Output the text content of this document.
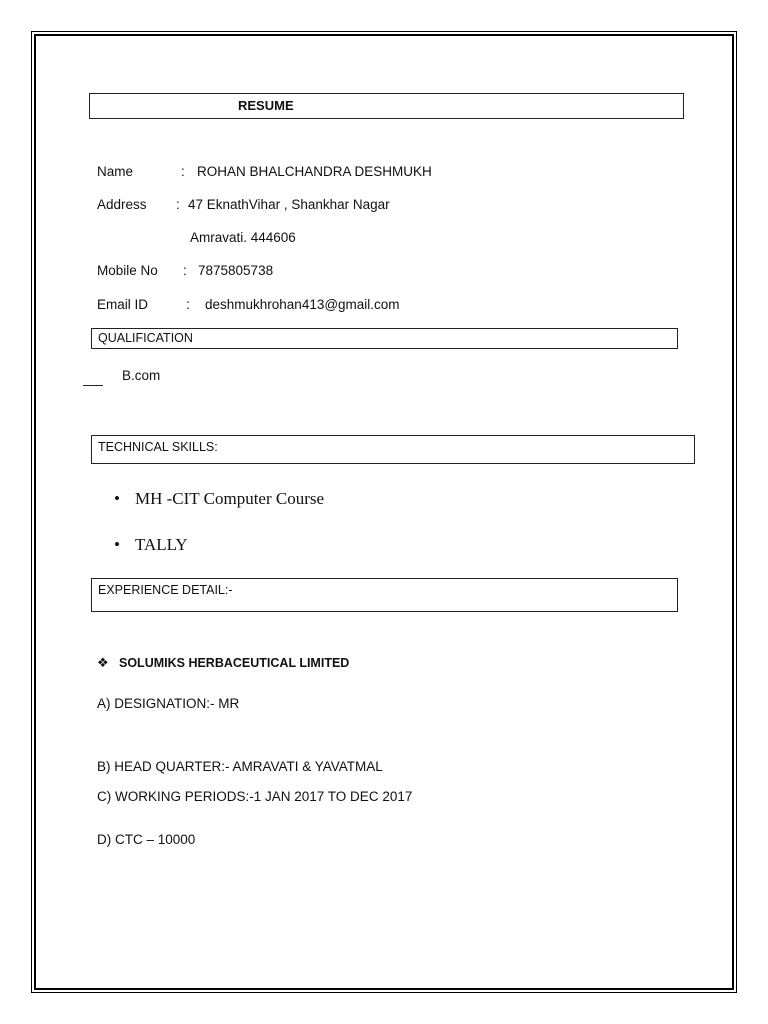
RESUME
Name	: ROHAN BHALCHANDRA DESHMUKH
Address : 47 EknathVihar , Shankhar Nagar
Amravati. 444606
Mobile No : 7875805738
Email ID	: deshmukhrohan413@gmail.com
QUALIFICATION
B.com
TECHNICAL SKILLS:
• MH -CIT Computer Course
• TALLY
EXPERIENCE DETAIL:-
❖ SOLUMIKS HERBACEUTICAL LIMITED
A) DESIGNATION:- MR
B) HEAD QUARTER:- AMRAVATI & YAVATMAL
C) WORKING PERIODS:-1 JAN 2017 TO DEC 2017
D) CTC – 10000
